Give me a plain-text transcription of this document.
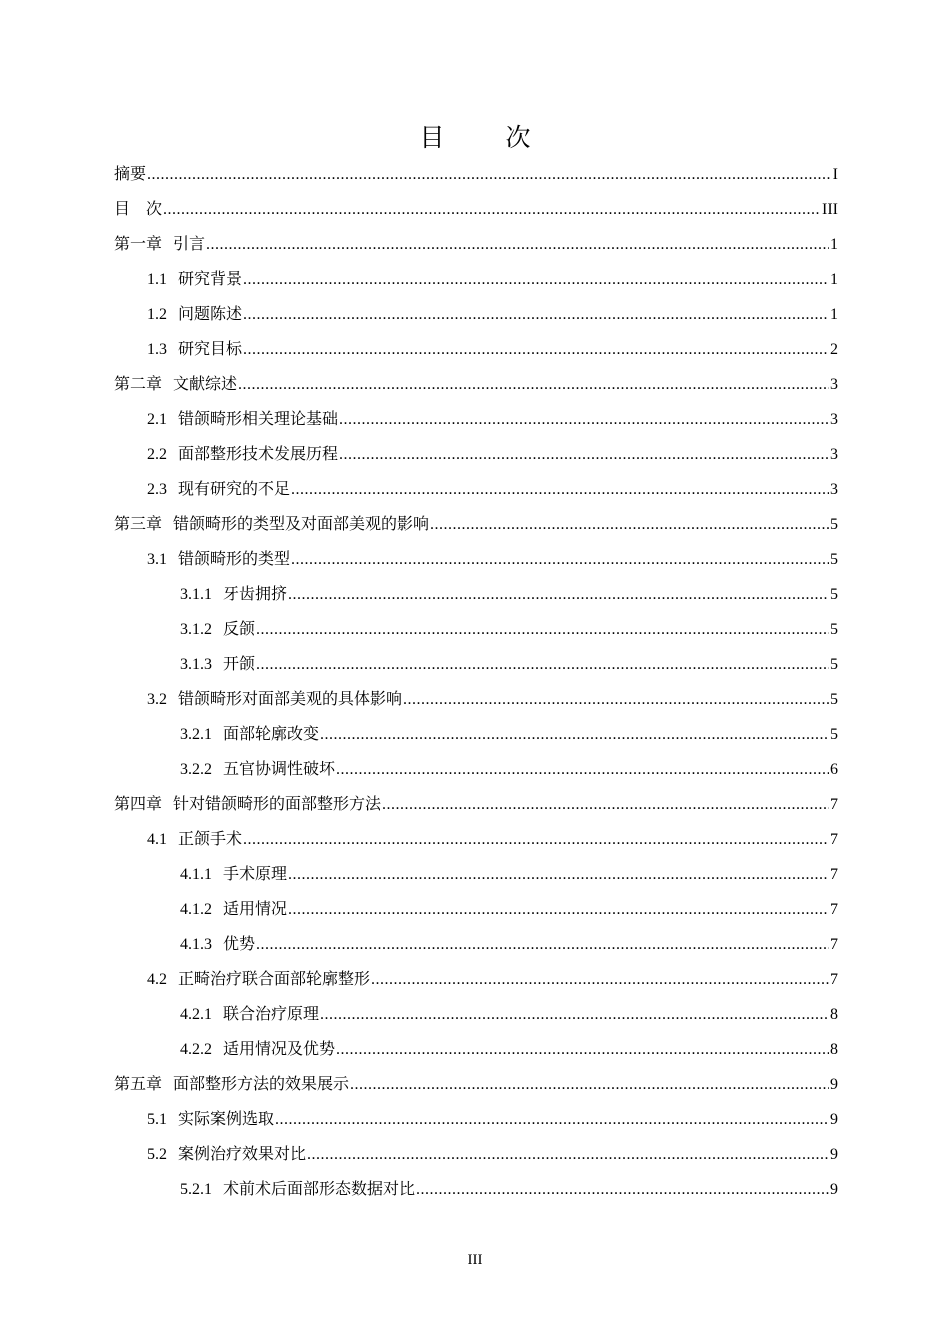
目　次
摘要 .....	I
目　次 .....	III
第一章 引言 .....	1
1.1 研究背景 .....	1
1.2 问题陈述 .....	1
1.3 研究目标 .....	2
第二章 文献综述 .....	3
2.1 错颌畸形相关理论基础 .....	3
2.2 面部整形技术发展历程 .....	3
2.3 现有研究的不足 .....	3
第三章 错颌畸形的类型及对面部美观的影响 .....	5
3.1 错颌畸形的类型 .....	5
3.1.1 牙齿拥挤 .....	5
3.1.2 反颌 .....	5
3.1.3 开颌 .....	5
3.2 错颌畸形对面部美观的具体影响 .....	5
3.2.1 面部轮廓改变 .....	5
3.2.2 五官协调性破坏 .....	6
第四章 针对错颌畸形的面部整形方法 .....	7
4.1 正颌手术 .....	7
4.1.1 手术原理 .....	7
4.1.2 适用情况 .....	7
4.1.3 优势 .....	7
4.2 正畸治疗联合面部轮廓整形 .....	7
4.2.1 联合治疗原理 .....	8
4.2.2 适用情况及优势 .....	8
第五章 面部整形方法的效果展示 .....	9
5.1 实际案例选取 .....	9
5.2 案例治疗效果对比 .....	9
5.2.1 术前术后面部形态数据对比 .....	9
III
